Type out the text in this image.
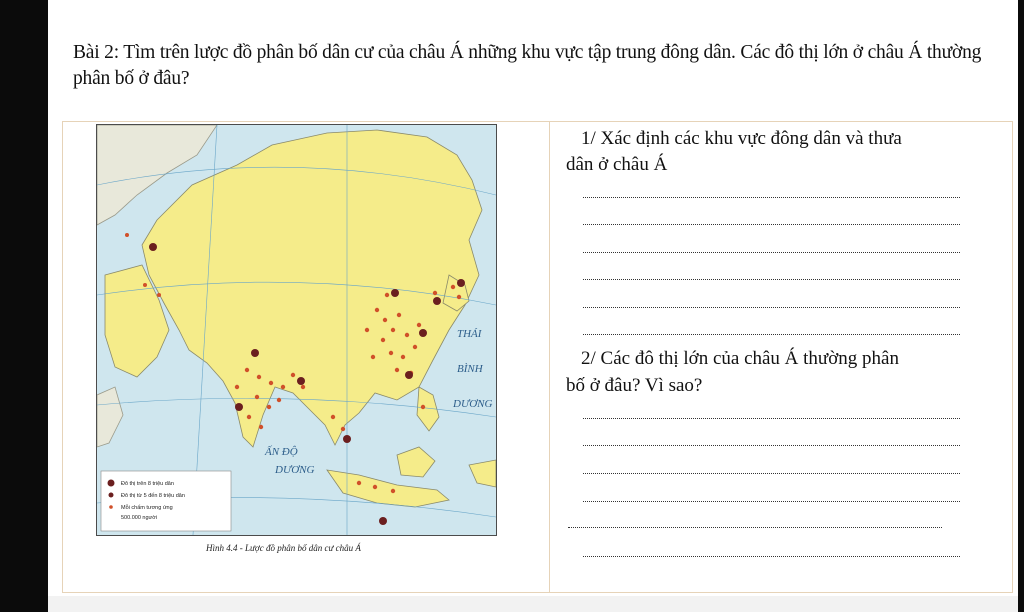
Bài 2: Tìm trên lược đồ phân bố dân cư của châu Á những khu vực tập trung đông dân. Các đô thị lớn ở châu Á thường phân bố ở đâu?
THÁI
BÌNH
DƯƠNG
ẤN ĐỘ
DƯƠNG
Đô thị trên 8 triệu dân
Đô thị từ 5 đến 8 triệu dân
Mỗi chấm tương ứng
500.000 người
Hình 4.4 - Lược đồ phân bố dân cư châu Á
1/ Xác định các khu vực đông dân và thưa
dân ở châu Á
2/ Các đô thị lớn của châu Á thường phân
bố ở đâu? Vì sao?
